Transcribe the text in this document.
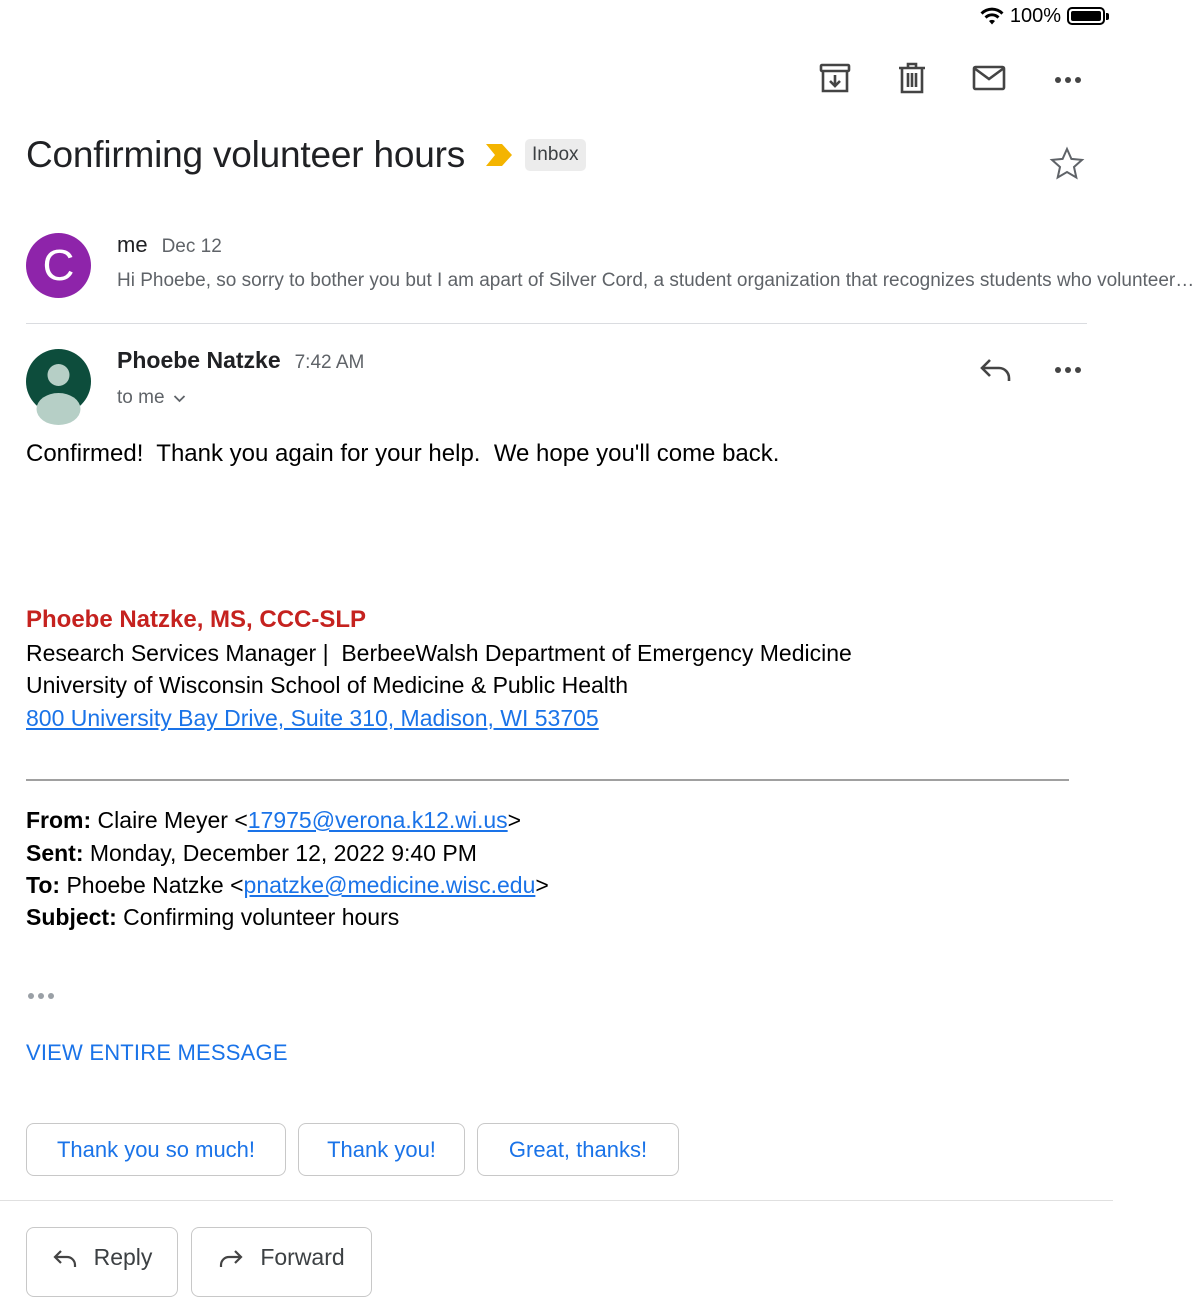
100%
Confirming volunteer hours	Inbox
C	me Dec 12
Hi Phoebe, so sorry to bother you but I am apart of Silver Cord, a student organization that recognizes students who volunteer…
Phoebe Natzke 7:42 AM
to me
Confirmed!  Thank you again for your help.  We hope you'll come back.
Phoebe Natzke, MS, CCC-SLP
Research Services Manager |  BerbeeWalsh Department of Emergency Medicine
University of Wisconsin School of Medicine & Public Health
800 University Bay Drive, Suite 310, Madison, WI 53705
From: Claire Meyer <17975@verona.k12.wi.us>
Sent: Monday, December 12, 2022 9:40 PM
To: Phoebe Natzke <pnatzke@medicine.wisc.edu>
Subject: Confirming volunteer hours
VIEW ENTIRE MESSAGE
Thank you so much!	Thank you!	Great, thanks!
Reply	Forward
